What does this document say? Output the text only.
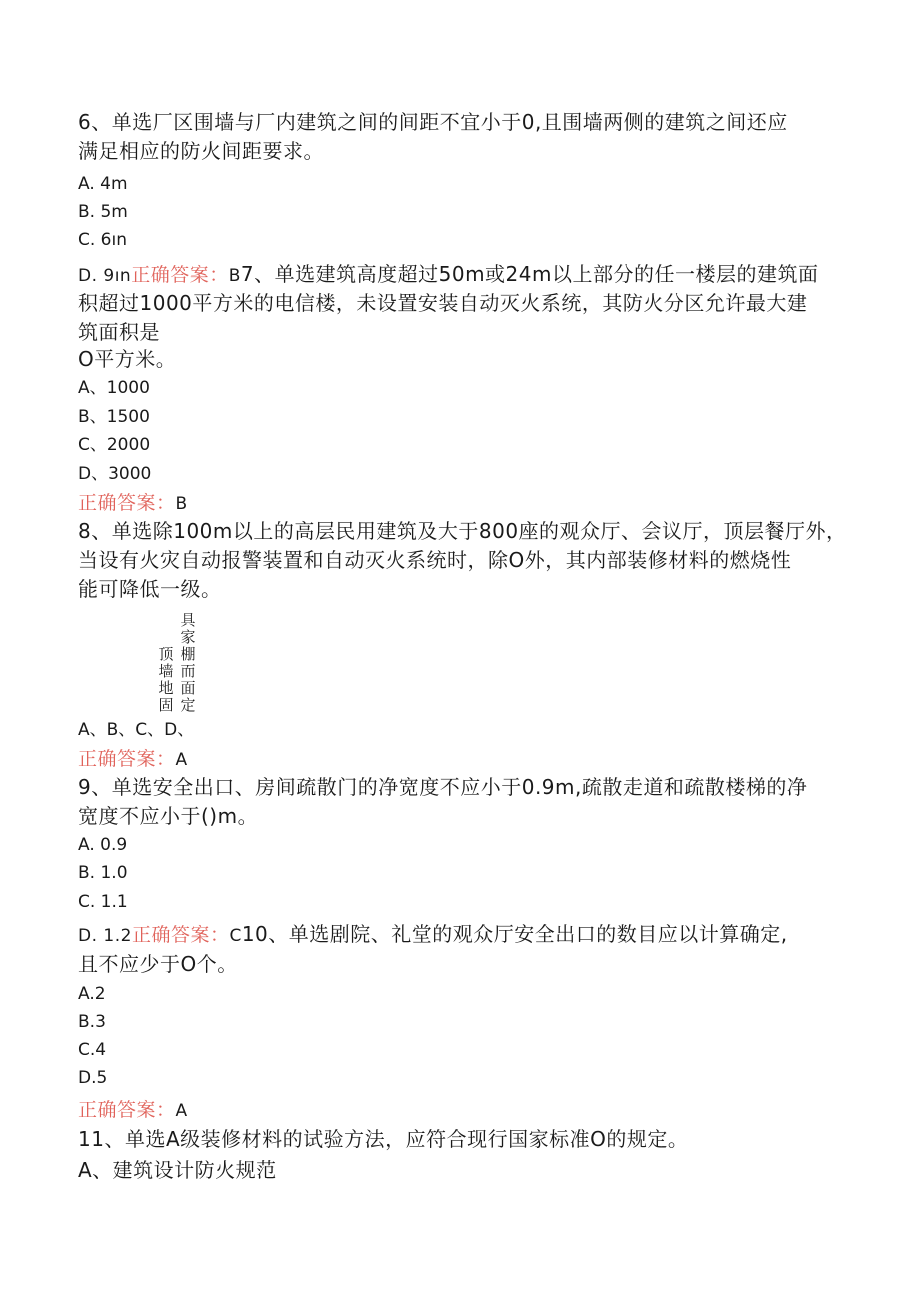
6、单选厂区围墙与厂内建筑之间的间距不宜小于0,且围墙两侧的建筑之间还应

满足相应的防火间距要求。

A. 4m

B. 5m

C. 6ın

D. 9ın正确答案：B7、单选建筑高度超过50m或24m以上部分的任一楼层的建筑面

积超过1000平方米的电信楼，未设置安装自动灭火系统，其防火分区允许最大建

筑面积是

O平方米。

A、1000

B、1500

C、2000

D、3000

正确答案：B

8、单选除100m以上的高层民用建筑及大于800座的观众厅、会议厅，顶层餐厅外，

当设有火灾自动报警装置和自动灭火系统时，除O外，其内部装修材料的燃烧性

能可降低一级。

顶
墙
地
固
具
家
棚
而
面
定

A、B、C、D、

正确答案：A

9、单选安全出口、房间疏散门的净宽度不应小于0.9m,疏散走道和疏散楼梯的净

宽度不应小于()m。

A. 0.9

B. 1.0

C. 1.1

D. 1.2正确答案：C10、单选剧院、礼堂的观众厅安全出口的数目应以计算确定,

且不应少于O个。

A.2

B.3

C.4

D.5

正确答案：A

11、单选A级装修材料的试验方法，应符合现行国家标准O的规定。

A、建筑设计防火规范
